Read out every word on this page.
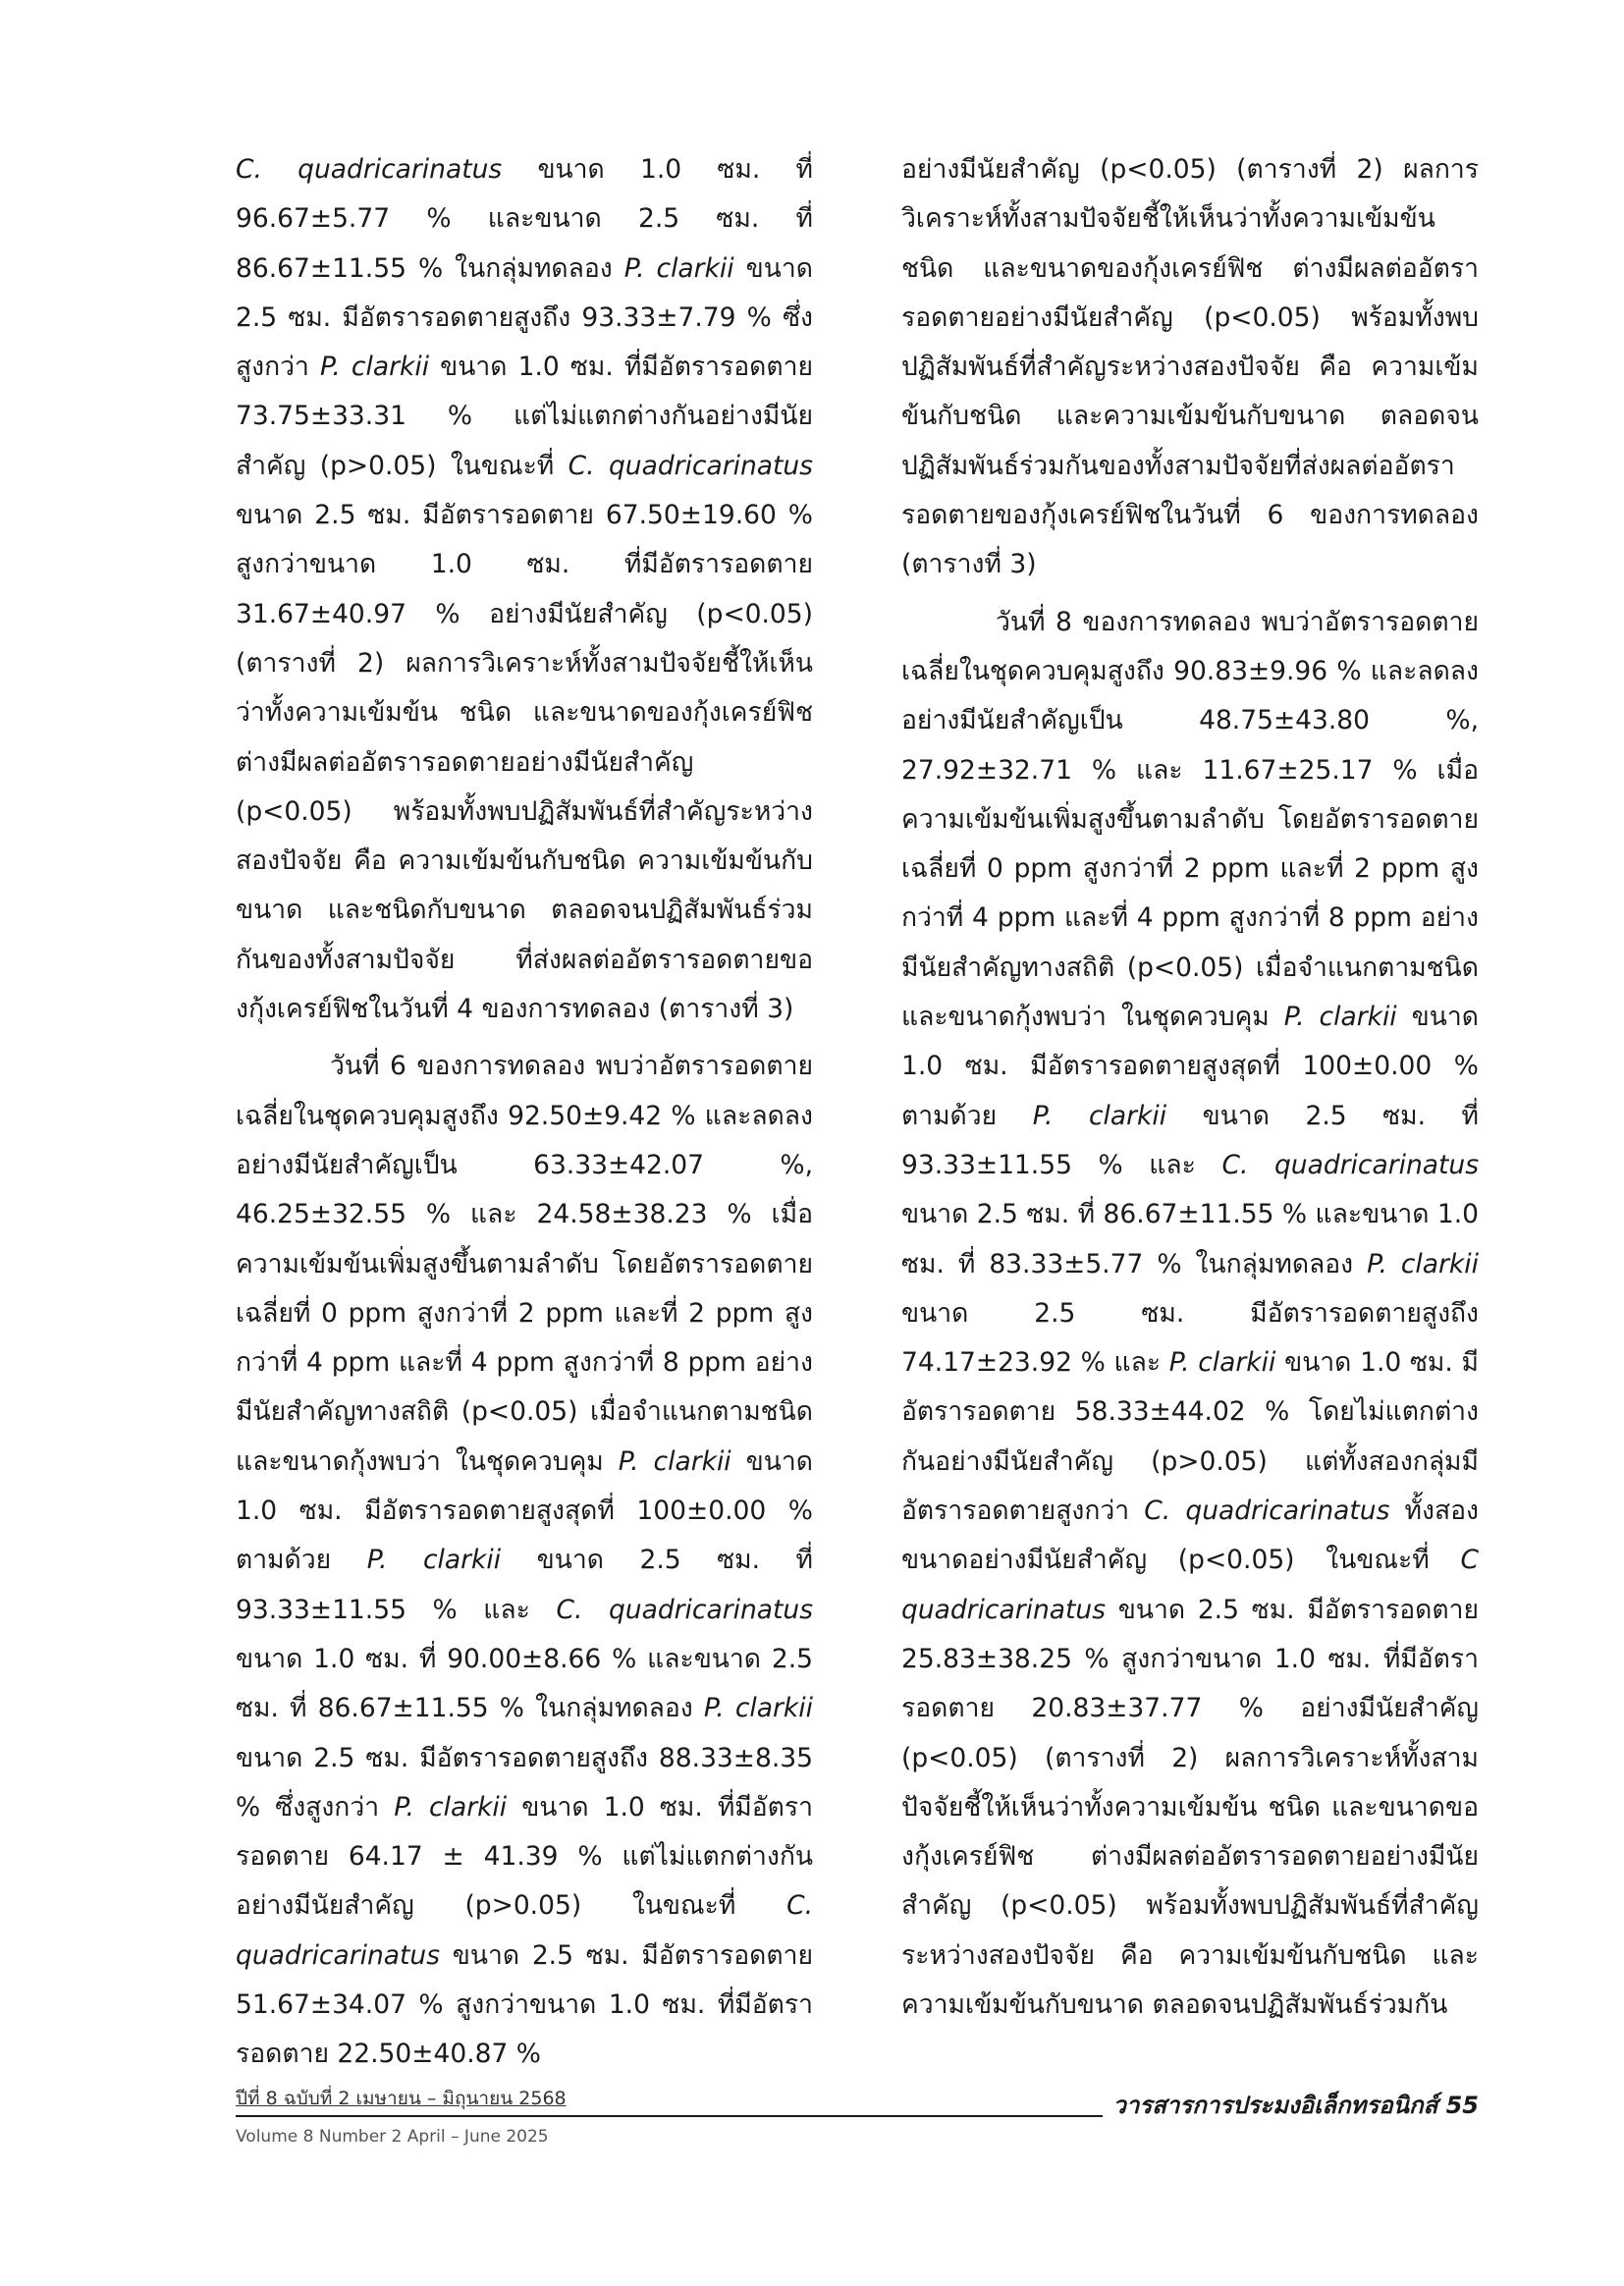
C. quadricarinatus ขนาด 1.0 ซม. ที่ 96.67±5.77 % และขนาด 2.5 ซม. ที่ 86.67±11.55 % ในกลุ่มทดลอง P. clarkii ขนาด 2.5 ซม. มีอัตรารอดตายสูงถึง 93.33±7.79 % ซึ่งสูงกว่า P. clarkii ขนาด 1.0 ซม. ที่มีอัตรารอดตาย 73.75±33.31 % แต่ไม่แตกต่างกันอย่างมีนัยสำคัญ (p>0.05) ในขณะที่ C. quadricarinatus ขนาด 2.5 ซม. มีอัตรารอดตาย 67.50±19.60 % สูงกว่าขนาด 1.0 ซม. ที่มีอัตรารอดตาย 31.67±40.97 % อย่างมีนัยสำคัญ (p<0.05) (ตารางที่ 2) ผลการวิเคราะห์ทั้งสามปัจจัยชี้ให้เห็นว่าทั้งความเข้มข้น ชนิด และขนาดของกุ้งเครย์ฟิช ต่างมีผลต่ออัตรารอดตายอย่างมีนัยสำคัญ (p<0.05) พร้อมทั้งพบปฏิสัมพันธ์ที่สำคัญระหว่างสองปัจจัย คือ ความเข้มข้นกับชนิด ความเข้มข้นกับขนาด และชนิดกับขนาด ตลอดจนปฏิสัมพันธ์ร่วมกันของทั้งสามปัจจัย ที่ส่งผลต่ออัตรารอดตายของกุ้งเครย์ฟิชในวันที่ 4 ของการทดลอง (ตารางที่ 3)

วันที่ 6 ของการทดลอง พบว่าอัตรารอดตายเฉลี่ยในชุดควบคุมสูงถึง 92.50±9.42 % และลดลงอย่างมีนัยสำคัญเป็น 63.33±42.07 %, 46.25±32.55 % และ 24.58±38.23 % เมื่อความเข้มข้นเพิ่มสูงขึ้นตามลำดับ โดยอัตรารอดตายเฉลี่ยที่ 0 ppm สูงกว่าที่ 2 ppm และที่ 2 ppm สูงกว่าที่ 4 ppm และที่ 4 ppm สูงกว่าที่ 8 ppm อย่างมีนัยสำคัญทางสถิติ (p<0.05) เมื่อจำแนกตามชนิดและขนาดกุ้งพบว่า ในชุดควบคุม P. clarkii ขนาด 1.0 ซม. มีอัตรารอดตายสูงสุดที่ 100±0.00 % ตามด้วย P. clarkii ขนาด 2.5 ซม. ที่ 93.33±11.55 % และ C. quadricarinatus ขนาด 1.0 ซม. ที่ 90.00±8.66 % และขนาด 2.5 ซม. ที่ 86.67±11.55 % ในกลุ่มทดลอง P. clarkii ขนาด 2.5 ซม. มีอัตรารอดตายสูงถึง 88.33±8.35 % ซึ่งสูงกว่า P. clarkii ขนาด 1.0 ซม. ที่มีอัตรารอดตาย 64.17 ± 41.39 % แต่ไม่แตกต่างกันอย่างมีนัยสำคัญ (p>0.05) ในขณะที่ C. quadricarinatus ขนาด 2.5 ซม. มีอัตรารอดตาย 51.67±34.07 % สูงกว่าขนาด 1.0 ซม. ที่มีอัตรารอดตาย 22.50±40.87 %

อย่างมีนัยสำคัญ (p<0.05) (ตารางที่ 2) ผลการวิเคราะห์ทั้งสามปัจจัยชี้ให้เห็นว่าทั้งความเข้มข้น ชนิด และขนาดของกุ้งเครย์ฟิช ต่างมีผลต่ออัตรารอดตายอย่างมีนัยสำคัญ (p<0.05) พร้อมทั้งพบปฏิสัมพันธ์ที่สำคัญระหว่างสองปัจจัย คือ ความเข้มข้นกับชนิด และความเข้มข้นกับขนาด ตลอดจนปฏิสัมพันธ์ร่วมกันของทั้งสามปัจจัยที่ส่งผลต่ออัตรารอดตายของกุ้งเครย์ฟิชในวันที่ 6 ของการทดลอง (ตารางที่ 3)

วันที่ 8 ของการทดลอง พบว่าอัตรารอดตายเฉลี่ยในชุดควบคุมสูงถึง 90.83±9.96 % และลดลงอย่างมีนัยสำคัญเป็น 48.75±43.80 %, 27.92±32.71 % และ 11.67±25.17 % เมื่อความเข้มข้นเพิ่มสูงขึ้นตามลำดับ โดยอัตรารอดตายเฉลี่ยที่ 0 ppm สูงกว่าที่ 2 ppm และที่ 2 ppm สูงกว่าที่ 4 ppm และที่ 4 ppm สูงกว่าที่ 8 ppm อย่างมีนัยสำคัญทางสถิติ (p<0.05) เมื่อจำแนกตามชนิดและขนาดกุ้งพบว่า ในชุดควบคุม P. clarkii ขนาด 1.0 ซม. มีอัตรารอดตายสูงสุดที่ 100±0.00 % ตามด้วย P. clarkii ขนาด 2.5 ซม. ที่ 93.33±11.55 % และ C. quadricarinatus ขนาด 2.5 ซม. ที่ 86.67±11.55 % และขนาด 1.0 ซม. ที่ 83.33±5.77 % ในกลุ่มทดลอง P. clarkii ขนาด 2.5 ซม. มีอัตรารอดตายสูงถึง 74.17±23.92 % และ P. clarkii ขนาด 1.0 ซม. มีอัตรารอดตาย 58.33±44.02 % โดยไม่แตกต่างกันอย่างมีนัยสำคัญ (p>0.05) แต่ทั้งสองกลุ่มมีอัตรารอดตายสูงกว่า C. quadricarinatus ทั้งสองขนาดอย่างมีนัยสำคัญ (p<0.05) ในขณะที่ C quadricarinatus ขนาด 2.5 ซม. มีอัตรารอดตาย 25.83±38.25 % สูงกว่าขนาด 1.0 ซม. ที่มีอัตรารอดตาย 20.83±37.77 % อย่างมีนัยสำคัญ (p<0.05) (ตารางที่ 2) ผลการวิเคราะห์ทั้งสามปัจจัยชี้ให้เห็นว่าทั้งความเข้มข้น ชนิด และขนาดของกุ้งเครย์ฟิช ต่างมีผลต่ออัตรารอดตายอย่างมีนัยสำคัญ (p<0.05) พร้อมทั้งพบปฏิสัมพันธ์ที่สำคัญระหว่างสองปัจจัย คือ ความเข้มข้นกับชนิด และความเข้มข้นกับขนาด ตลอดจนปฏิสัมพันธ์ร่วมกัน

ปีที่ 8 ฉบับที่ 2 เมษายน – มิถุนายน 2568
Volume 8 Number 2 April – June 2025
วารสารการประมงอิเล็กทรอนิกส์ 55
